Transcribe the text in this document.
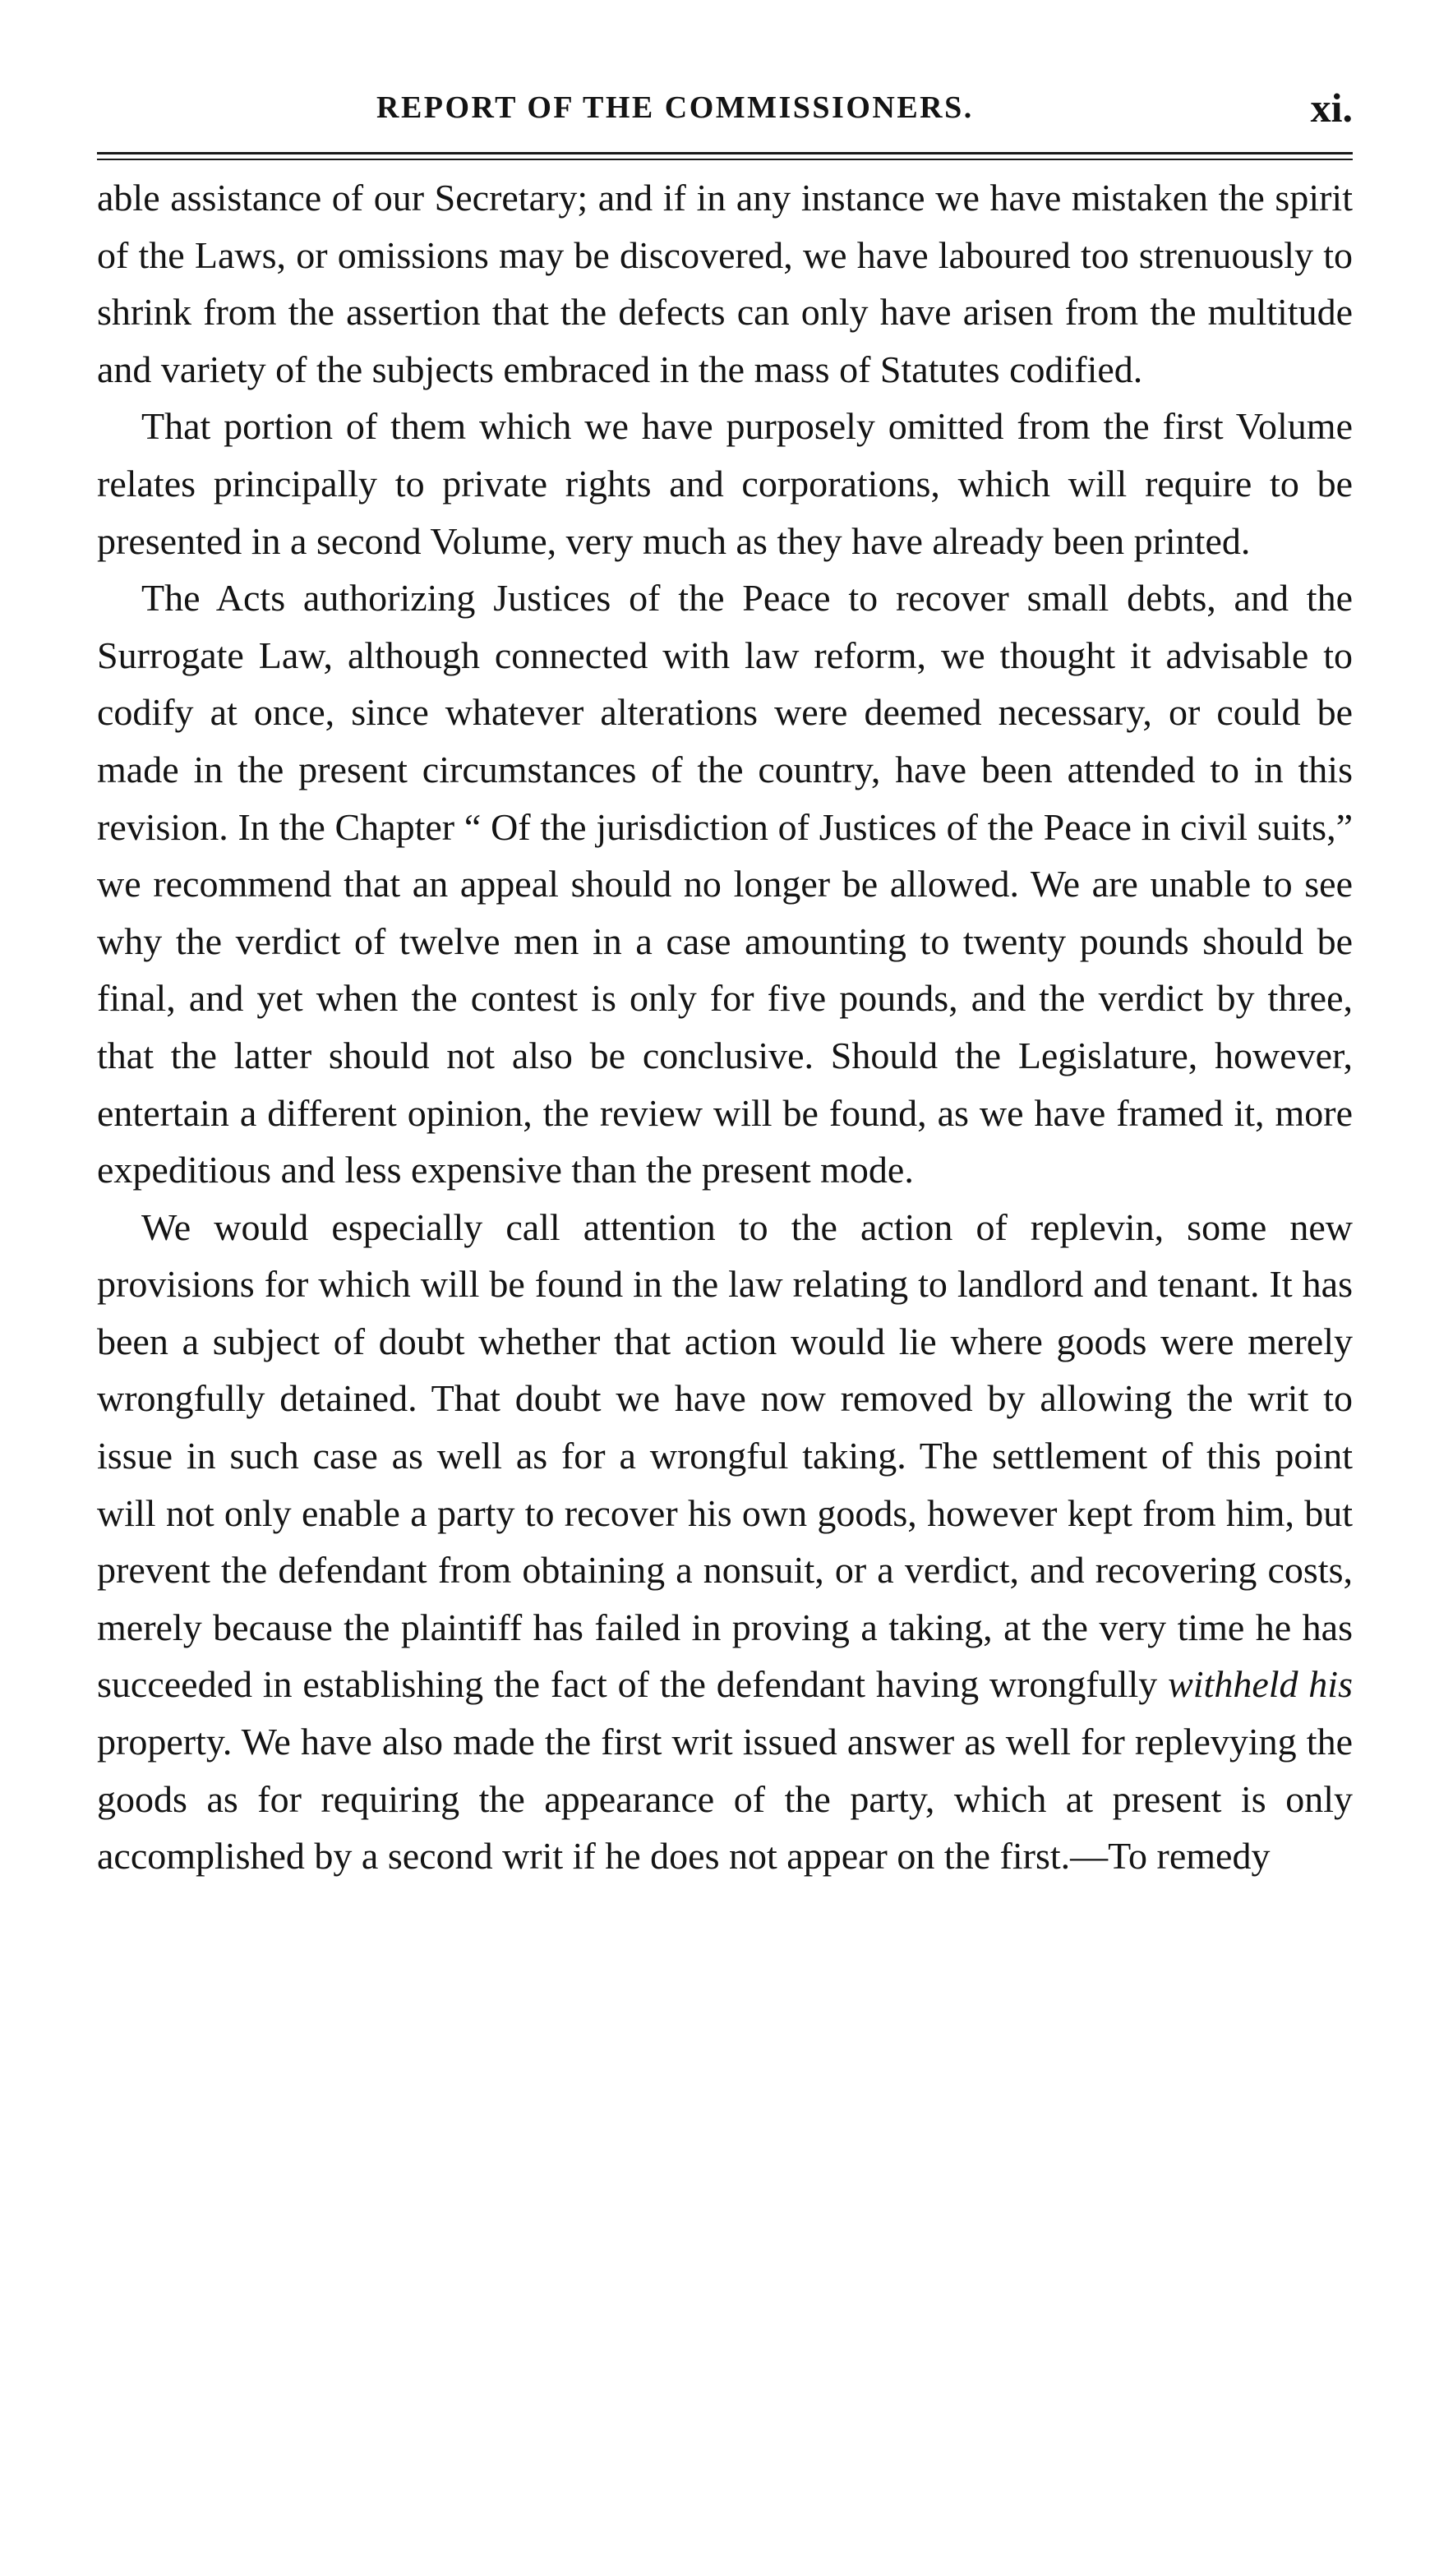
REPORT OF THE COMMISSIONERS.	xi.

able assistance of our Secretary; and if in any instance we have mistaken the spirit of the Laws, or omissions may be discovered, we have laboured too strenuously to shrink from the assertion that the defects can only have arisen from the multitude and variety of the subjects embraced in the mass of Statutes codified.

That portion of them which we have purposely omitted from the first Volume relates principally to private rights and corporations, which will require to be presented in a second Volume, very much as they have already been printed.

The Acts authorizing Justices of the Peace to recover small debts, and the Surrogate Law, although connected with law reform, we thought it advisable to codify at once, since whatever alterations were deemed necessary, or could be made in the present circumstances of the country, have been attended to in this revision. In the Chapter “ Of the jurisdiction of Justices of the Peace in civil suits,” we recommend that an appeal should no longer be allowed. We are unable to see why the verdict of twelve men in a case amounting to twenty pounds should be final, and yet when the contest is only for five pounds, and the verdict by three, that the latter should not also be conclusive. Should the Legislature, however, entertain a different opinion, the review will be found, as we have framed it, more expeditious and less expensive than the present mode.

We would especially call attention to the action of replevin, some new provisions for which will be found in the law relating to landlord and tenant. It has been a subject of doubt whether that action would lie where goods were merely wrongfully detained. That doubt we have now removed by allowing the writ to issue in such case as well as for a wrongful taking. The settlement of this point will not only enable a party to recover his own goods, however kept from him, but prevent the defendant from obtaining a nonsuit, or a verdict, and recovering costs, merely because the plaintiff has failed in proving a taking, at the very time he has succeeded in establishing the fact of the defendant having wrongfully withheld his property. We have also made the first writ issued answer as well for replevying the goods as for requiring the appearance of the party, which at present is only accomplished by a second writ if he does not appear on the first.—To remedy
